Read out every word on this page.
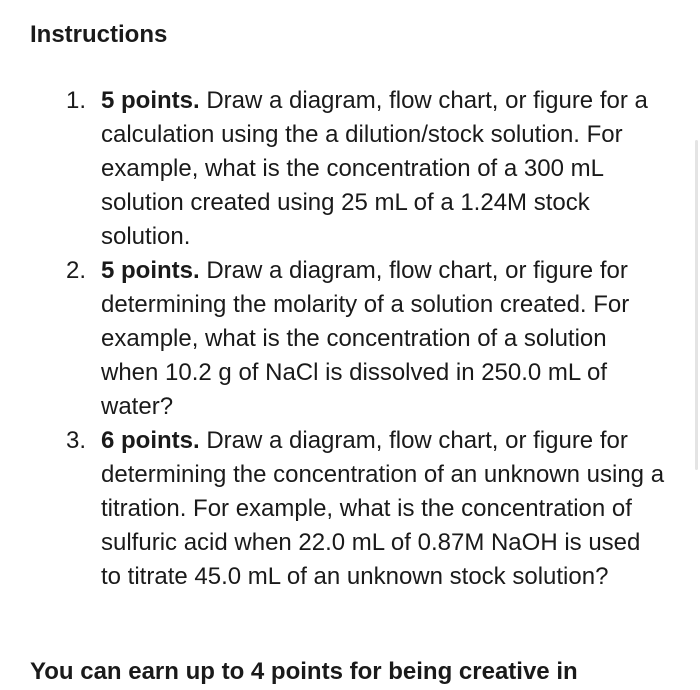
Instructions
1. 5 points. Draw a diagram, flow chart, or figure for a calculation using the a dilution/stock solution. For example, what is the concentration of a 300 mL solution created using 25 mL of a 1.24M stock solution.
2. 5 points. Draw a diagram, flow chart, or figure for determining the molarity of a solution created. For example, what is the concentration of a solution when 10.2 g of NaCl is dissolved in 250.0 mL of water?
3. 6 points. Draw a diagram, flow chart, or figure for determining the concentration of an unknown using a titration. For example, what is the concentration of sulfuric acid when 22.0 mL of 0.87M NaOH is used to titrate 45.0 mL of an unknown stock solution?

You can earn up to 4 points for being creative in
